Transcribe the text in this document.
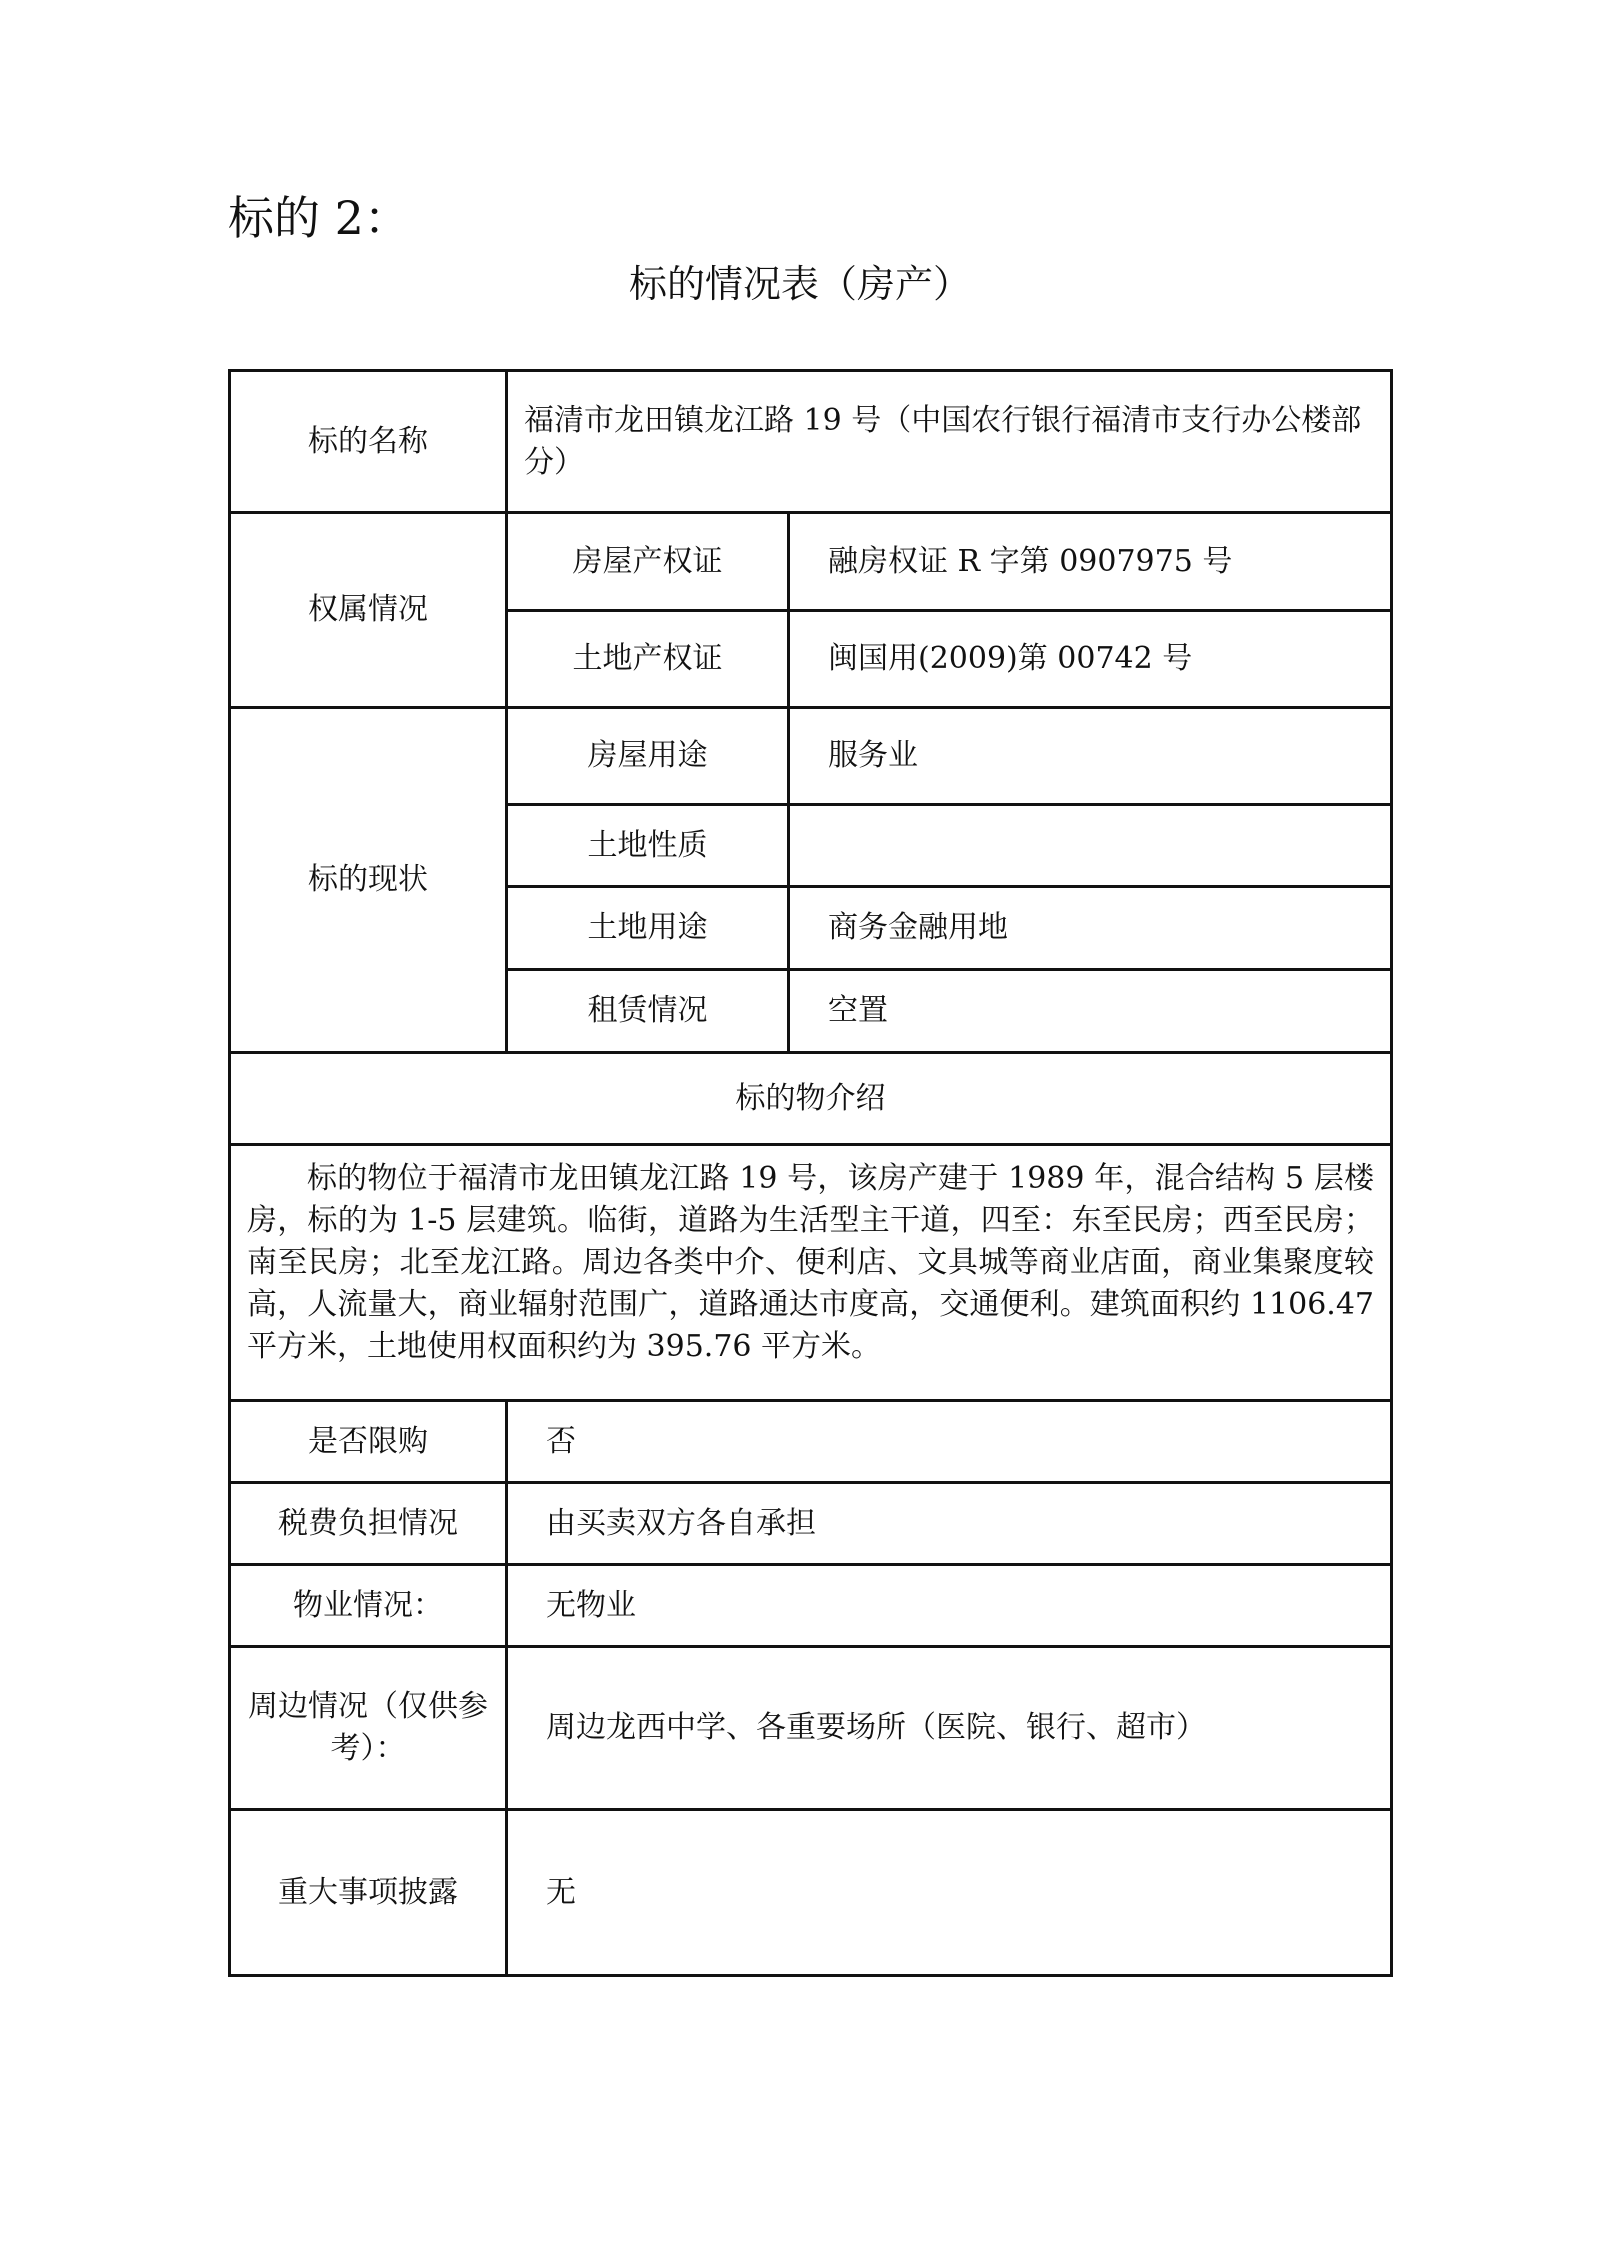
标的 2：
标的情况表（房产）
标的名称	福清市龙田镇龙江路 19 号（中国农行银行福清市支行办公楼部分）	
权属情况	房屋产权证	融房权证 R 字第 0907975 号
	土地产权证	闽国用(2009)第 00742 号
标的现状	房屋用途	服务业
	土地性质	
	土地用途	商务金融用地
	租赁情况	空置
标的物介绍		

标的物位于福清市龙田镇龙江路 19 号，该房产建于 1989 年，混合结构 5 层楼房，标的为 1-5 层建筑。临街，道路为生活型主干道，四至：东至民房；西至民房；南至民房；北至龙江路。周边各类中介、便利店、文具城等商业店面，商业集聚度较高，人流量大，商业辐射范围广，道路通达市度高，交通便利。建筑面积约 1106.47 平方米，土地使用权面积约为 395.76 平方米。		

是否限购	否	
税费负担情况	由买卖双方各自承担	
物业情况：	无物业	
周边情况（仅供参考）：	周边龙西中学、各重要场所（医院、银行、超市）	
重大事项披露	无	
